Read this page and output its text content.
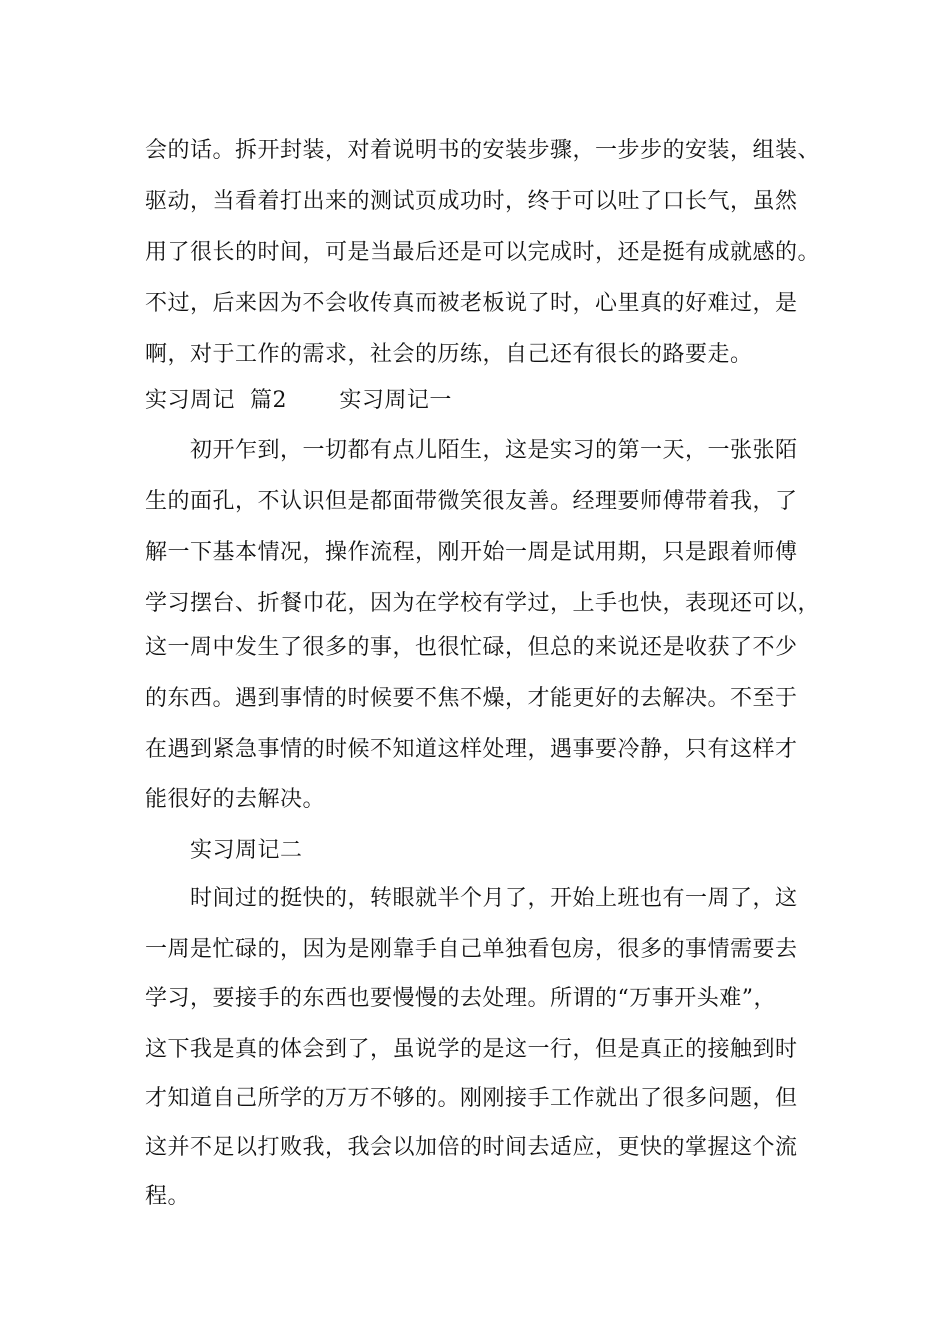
会的话。拆开封装，对着说明书的安装步骤，一步步的安装，组装、
驱动，当看着打出来的测试页成功时，终于可以吐了口长气，虽然
用了很长的时间，可是当最后还是可以完成时，还是挺有成就感的。
不过，后来因为不会收传真而被老板说了时，心里真的好难过，是
啊，对于工作的需求，社会的历练，自己还有很长的路要走。
实习周记  篇2       实习周记一
初开乍到，一切都有点儿陌生，这是实习的第一天，一张张陌
生的面孔，不认识但是都面带微笑很友善。经理要师傅带着我，了
解一下基本情况，操作流程，刚开始一周是试用期，只是跟着师傅
学习摆台、折餐巾花，因为在学校有学过，上手也快，表现还可以，
这一周中发生了很多的事，也很忙碌，但总的来说还是收获了不少
的东西。遇到事情的时候要不焦不燥，才能更好的去解决。不至于
在遇到紧急事情的时候不知道这样处理，遇事要冷静，只有这样才
能很好的去解决。
实习周记二
时间过的挺快的，转眼就半个月了，开始上班也有一周了，这
一周是忙碌的，因为是刚靠手自己单独看包房，很多的事情需要去
学习，要接手的东西也要慢慢的去处理。所谓的“万事开头难”，
这下我是真的体会到了，虽说学的是这一行，但是真正的接触到时
才知道自己所学的万万不够的。刚刚接手工作就出了很多问题，但
这并不足以打败我，我会以加倍的时间去适应，更快的掌握这个流
程。
